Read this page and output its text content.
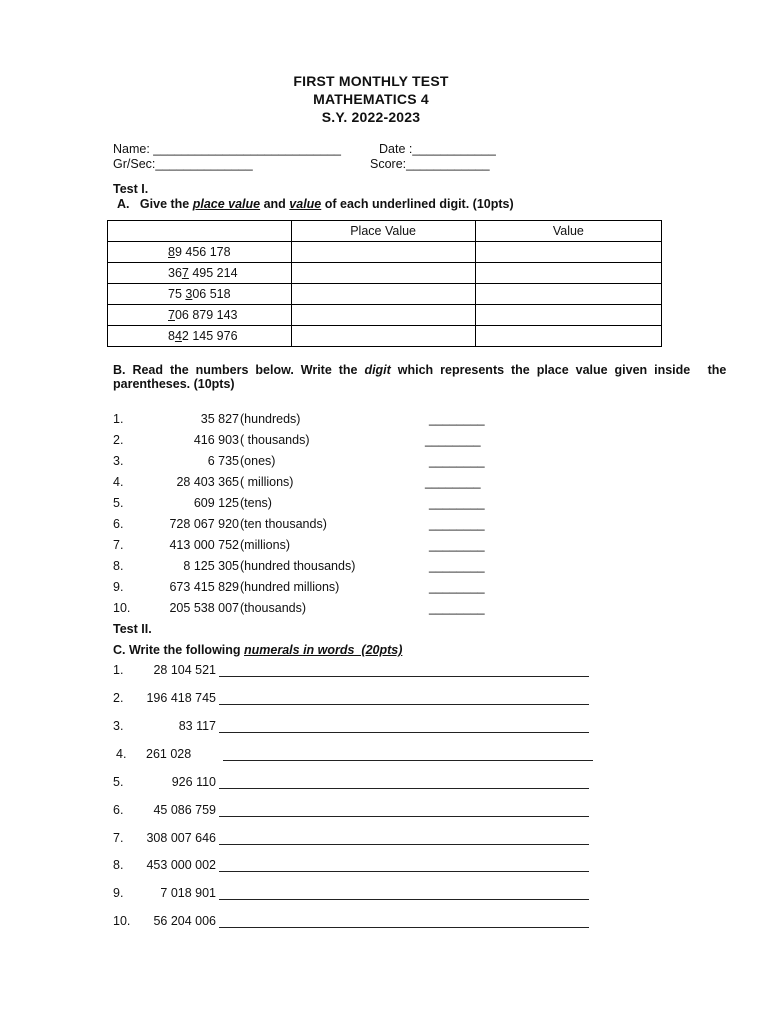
FIRST MONTHLY TEST
MATHEMATICS 4
S.Y. 2022-2023
Name: ___________________________	Date :____________
Gr/Sec:______________	Score:____________
Test I.
A.   Give the place value and value of each underlined digit. (10pts)
	Place Value	Value
89 456 178		
367 495 214		
75 306 518		
706 879 143		
842 145 976		
B.  Read  the  numbers  below.  Write  the  digit  which  represents  the  place  value  given  inside     the
parentheses. (10pts)
1.	35 827 (hundreds)	________
2.	416 903 ( thousands)	________
3.	6 735 (ones)	________
4.	28 403 365 ( millions)	________
5.	609 125 (tens)	________
6.	728 067 920 (ten thousands)	________
7.	413 000 752 (millions)	________
8.	8 125 305 (hundred thousands)	________
9.	673 415 829 (hundred millions)	________
10.	205 538 007 (thousands)	________
Test II.
C. Write the following numerals in words  (20pts)
1. 28 104 521
2. 196 418 745
3.	83 117
4. 261 028
5.	926 110
6. 45 086 759
7. 308 007 646
8. 453 000 002
9.	7 018 901
10. 56 204 006
